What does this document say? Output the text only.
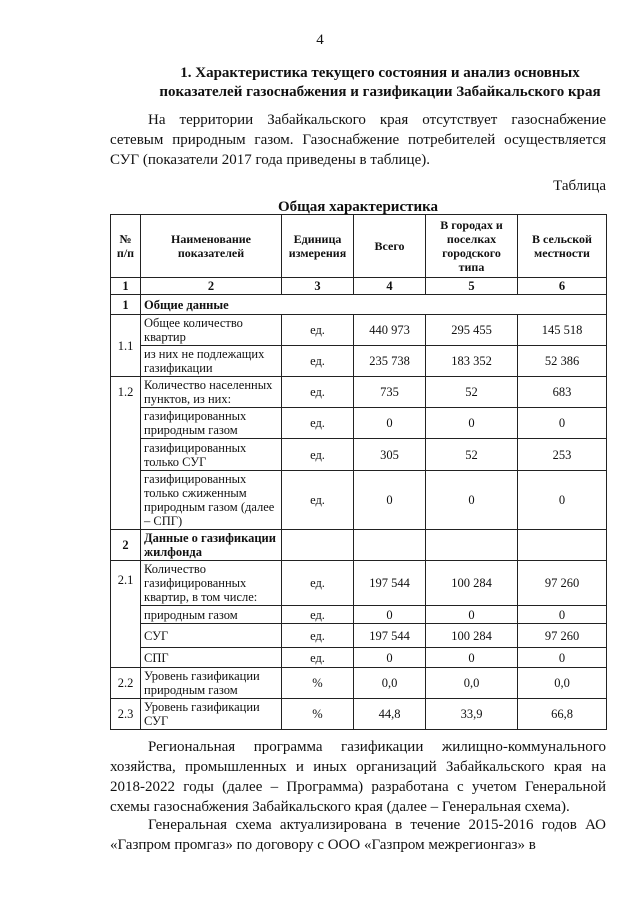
4
1. Характеристика текущего состояния и анализ основных показателей газоснабжения и газификации Забайкальского края
На территории Забайкальского края отсутствует газоснабжение сетевым природным газом. Газоснабжение потребителей осуществляется СУГ (показатели 2017 года приведены в таблице).
Таблица
Общая характеристика
№ п/п	Наименование показателей	Единица измерения	Всего	В городах и поселках городского типа	В сельской местности
1	2	3	4	5	6
1	Общие данные				
1.1	Общее количество квартир	ед.	440 973	295 455	145 518
	из них не подлежащих газификации	ед.	235 738	183 352	52 386
1.2	Количество населенных пунктов, из них:	ед.	735	52	683
	газифицированных природным газом	ед.	0	0	0
	газифицированных только СУГ	ед.	305	52	253
	газифицированных только сжиженным природным газом (далее – СПГ)	ед.	0	0	0
2	Данные о газификации жилфонда				
2.1	Количество газифицированных квартир, в том числе:	ед.	197 544	100 284	97 260
	природным газом	ед.	0	0	0
	СУГ	ед.	197 544	100 284	97 260
	СПГ	ед.	0	0	0
2.2	Уровень газификации природным газом	%	0,0	0,0	0,0
2.3	Уровень газификации СУГ	%	44,8	33,9	66,8
Региональная программа газификации жилищно-коммунального хозяйства, промышленных и иных организаций Забайкальского края на 2018-2022 годы (далее – Программа) разработана с учетом Генеральной схемы газоснабжения Забайкальского края (далее – Генеральная схема).
Генеральная схема актуализирована в течение 2015-2016 годов АО «Газпром промгаз» по договору с ООО «Газпром межрегионгаз» в
